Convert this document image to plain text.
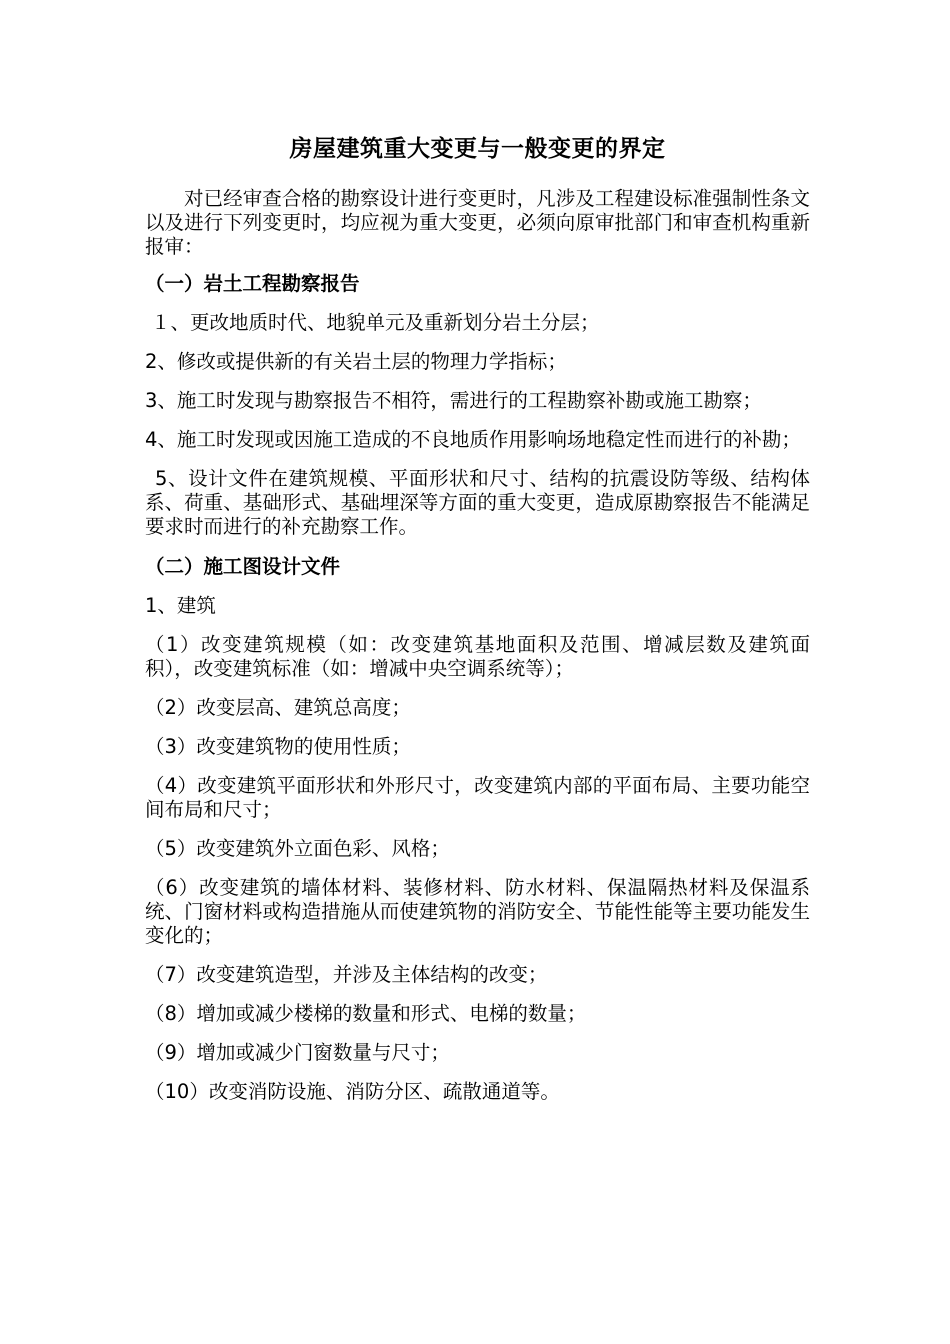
房屋建筑重大变更与一般变更的界定
对已经审查合格的勘察设计进行变更时，凡涉及工程建设标准强制性条文以及进行下列变更时，均应视为重大变更，必须向原审批部门和审查机构重新报审：
（一）岩土工程勘察报告
１、更改地质时代、地貌单元及重新划分岩土分层；
2、修改或提供新的有关岩土层的物理力学指标；
3、施工时发现与勘察报告不相符，需进行的工程勘察补勘或施工勘察；
4、施工时发现或因施工造成的不良地质作用影响场地稳定性而进行的补勘；
5、设计文件在建筑规模、平面形状和尺寸、结构的抗震设防等级、结构体系、荷重、基础形式、基础埋深等方面的重大变更，造成原勘察报告不能满足要求时而进行的补充勘察工作。
（二）施工图设计文件
1、建筑
（1）改变建筑规模（如：改变建筑基地面积及范围、增减层数及建筑面积），改变建筑标准（如：增减中央空调系统等）；
（2）改变层高、建筑总高度；
（3）改变建筑物的使用性质；
（4）改变建筑平面形状和外形尺寸，改变建筑内部的平面布局、主要功能空间布局和尺寸；
（5）改变建筑外立面色彩、风格；
（6）改变建筑的墙体材料、装修材料、防水材料、保温隔热材料及保温系统、门窗材料或构造措施从而使建筑物的消防安全、节能性能等主要功能发生变化的；
（7）改变建筑造型，并涉及主体结构的改变；
（8）增加或减少楼梯的数量和形式、电梯的数量；
（9）增加或减少门窗数量与尺寸；
（10）改变消防设施、消防分区、疏散通道等。
